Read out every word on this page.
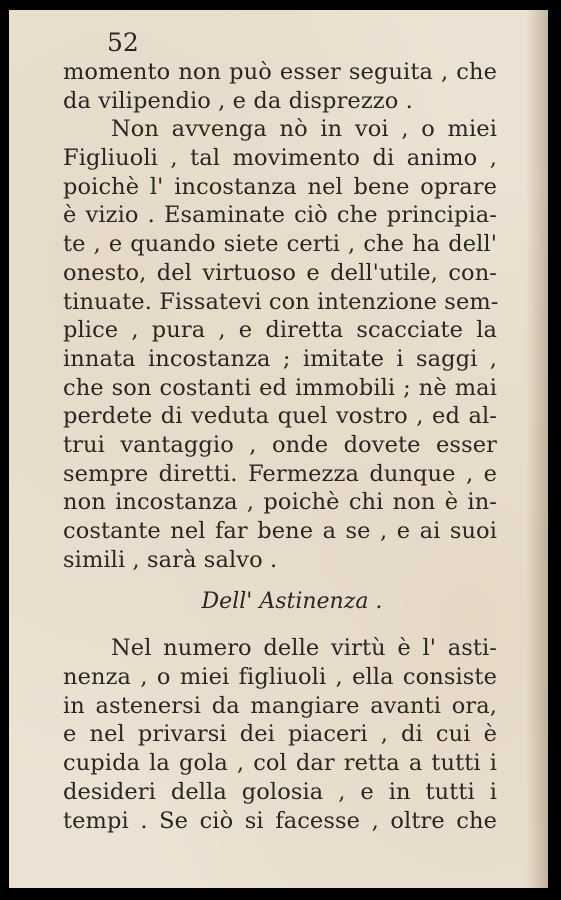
52
momento non può esser seguita , che
da vilipendio , e da disprezzo .
Non avvenga nò in voi , o miei
Figliuoli , tal movimento di animo ,
poichè l' incostanza nel bene oprare
è vizio . Esaminate ciò che principia-
te , e quando siete certi , che ha dell'
onesto, del virtuoso e dell'utile, con-
tinuate. Fissatevi con intenzione sem-
plice , pura , e diretta scacciate la
innata incostanza ; imitate i saggi ,
che son costanti ed immobili ; nè mai
perdete di veduta quel vostro , ed al-
trui vantaggio , onde dovete esser
sempre diretti. Fermezza dunque , e
non incostanza , poichè chi non è in-
costante nel far bene a se , e ai suoi
simili , sarà salvo .
Dell' Astinenza .
Nel numero delle virtù è l' asti-
nenza , o miei figliuoli , ella consiste
in astenersi da mangiare avanti ora,
e nel privarsi dei piaceri , di cui è
cupida la gola , col dar retta a tutti i
desideri della golosia , e in tutti i
tempi . Se ciò si facesse , oltre che
